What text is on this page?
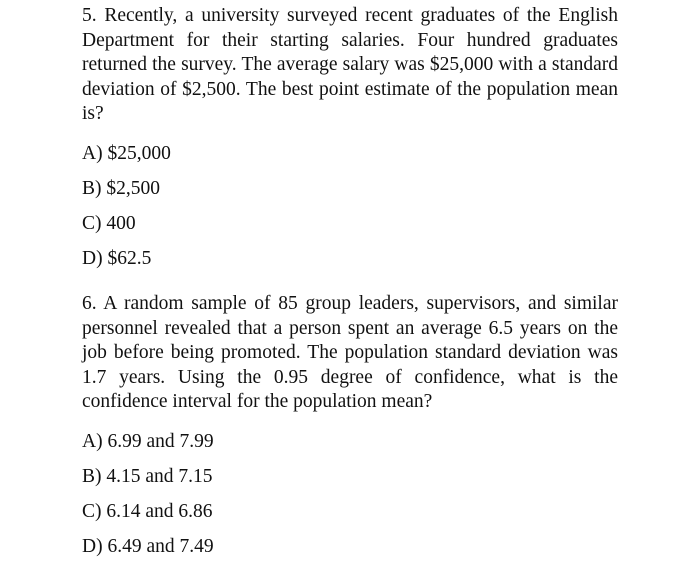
5. Recently, a university surveyed recent graduates of the English Department for their starting salaries. Four hundred graduates returned the survey. The average salary was $25,000 with a standard deviation of $2,500. The best point estimate of the population mean is?

A) $25,000
B) $2,500
C) 400
D) $62.5

6. A random sample of 85 group leaders, supervisors, and similar personnel revealed that a person spent an average 6.5 years on the job before being promoted. The population standard deviation was 1.7 years. Using the 0.95 degree of confidence, what is the confidence interval for the population mean?

A) 6.99 and 7.99
B) 4.15 and 7.15
C) 6.14 and 6.86
D) 6.49 and 7.49
